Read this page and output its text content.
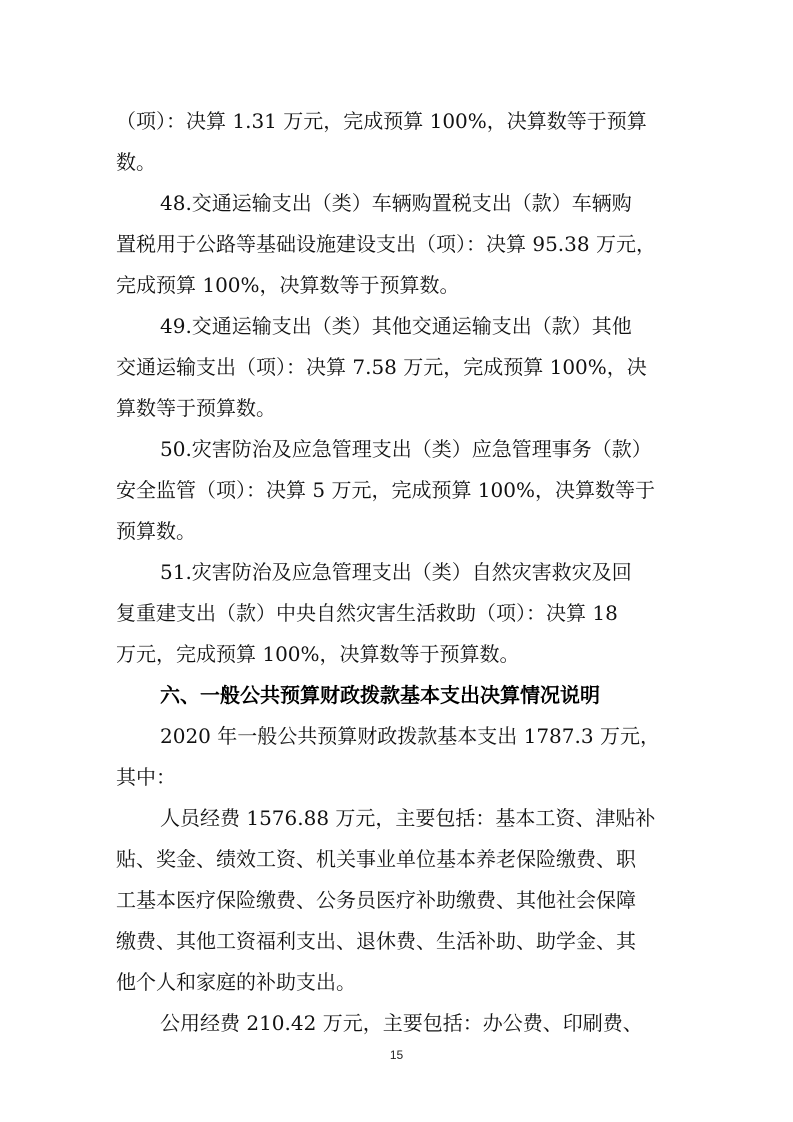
（项）：决算 1.31 万元，完成预算 100%，决算数等于预算
数。
48.交通运输支出（类）车辆购置税支出（款）车辆购
置税用于公路等基础设施建设支出（项）：决算 95.38 万元，
完成预算 100%，决算数等于预算数。
49.交通运输支出（类）其他交通运输支出（款）其他
交通运输支出（项）：决算 7.58 万元，完成预算 100%，决
算数等于预算数。
50.灾害防治及应急管理支出（类）应急管理事务（款）
安全监管（项）：决算 5 万元，完成预算 100%，决算数等于
预算数。
51.灾害防治及应急管理支出（类）自然灾害救灾及回
复重建支出（款）中央自然灾害生活救助（项）：决算 18
万元，完成预算 100%，决算数等于预算数。
六、一般公共预算财政拨款基本支出决算情况说明
2020 年一般公共预算财政拨款基本支出 1787.3 万元，
其中：
人员经费 1576.88 万元，主要包括：基本工资、津贴补
贴、奖金、绩效工资、机关事业单位基本养老保险缴费、职
工基本医疗保险缴费、公务员医疗补助缴费、其他社会保障
缴费、其他工资福利支出、退休费、生活补助、助学金、其
他个人和家庭的补助支出。
公用经费 210.42 万元，主要包括：办公费、印刷费、
15
